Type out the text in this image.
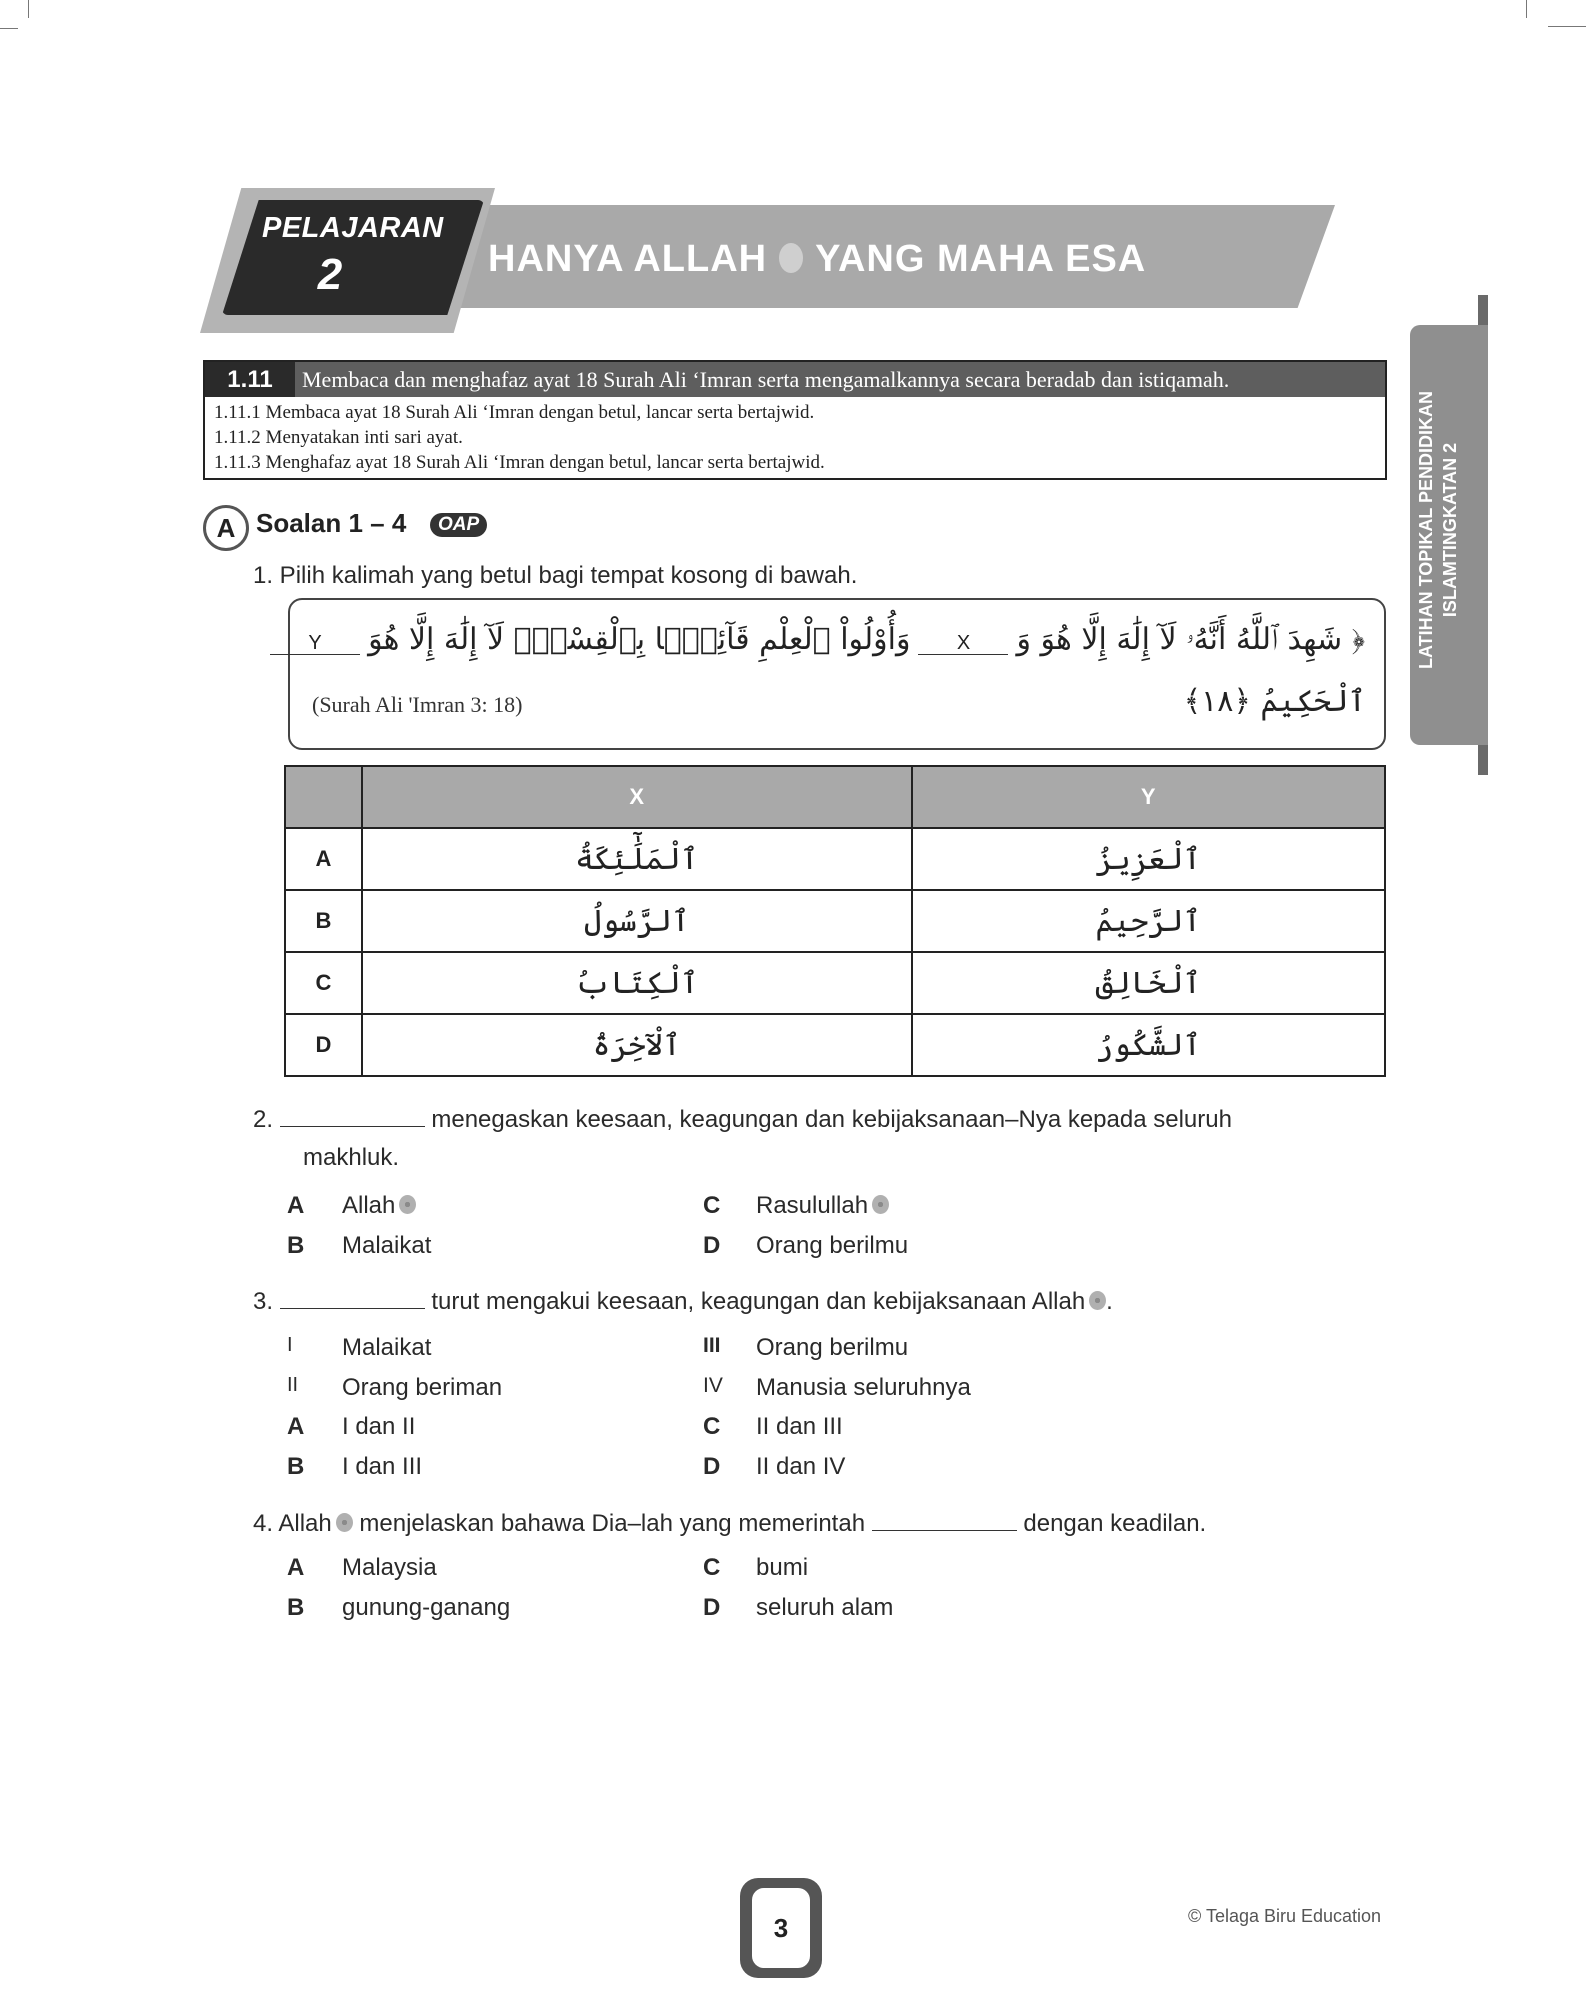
PELAJARAN
2	HANYA ALLAH YANG MAHA ESA
LATIHAN TOPIKAL PENDIDIKAN ISLAMTINGKATAN 2
1.11	Membaca dan menghafaz ayat 18 Surah Ali ‘Imran serta mengamalkannya secara beradab dan istiqamah.
1.11.1 Membaca ayat 18 Surah Ali ‘Imran dengan betul, lancar serta bertajwid.
1.11.2 Menyatakan inti sari ayat.
1.11.3 Menghafaz ayat 18 Surah Ali ‘Imran dengan betul, lancar serta bertajwid.
A Soalan 1 – 4	OAP
1. Pilih kalimah yang betul bagi tempat kosong di bawah.
﴿ شَهِدَ ٱللَّهُ أَنَّهُۥ لَآ إِلَٰهَ إِلَّا هُوَ وَXوَأُوْلُواْ ٱلْعِلْمِ قَآئِمَۢا بِٱلْقِسْطِۚ لَآ إِلَٰهَ إِلَّا هُوَY
ٱلْحَكِيمُ ﴿١٨﴾
(Surah Ali 'Imran 3: 18)
	X	Y
A	ٱلْمَلَٰٓئِكَةُ	ٱلْعَزِيزُ
B	ٱلرَّسُولُ	ٱلرَّحِيمُ
C	ٱلْكِتَابُ	ٱلْخَالِقُ
D	ٱلْآخِرَةُ	ٱلشَّكُورُ
2.	menegaskan keesaan, keagungan dan kebijaksanaan–Nya kepada seluruh
makhluk.
A Allah
B Malaikat
C Rasulullah
D Orang berilmu
3.	turut mengakui keesaan, keagungan dan kebijaksanaan Allah .
I Malaikat
II Orang beriman
III Orang berilmu
IV Manusia seluruhnya
A I dan II
B I dan III
C II dan III
D II dan IV
4. Allah menjelaskan bahawa Dia–lah yang memerintah	dengan keadilan.
A Malaysia
B gunung-ganang
C bumi
D seluruh alam
3	© Telaga Biru Education
